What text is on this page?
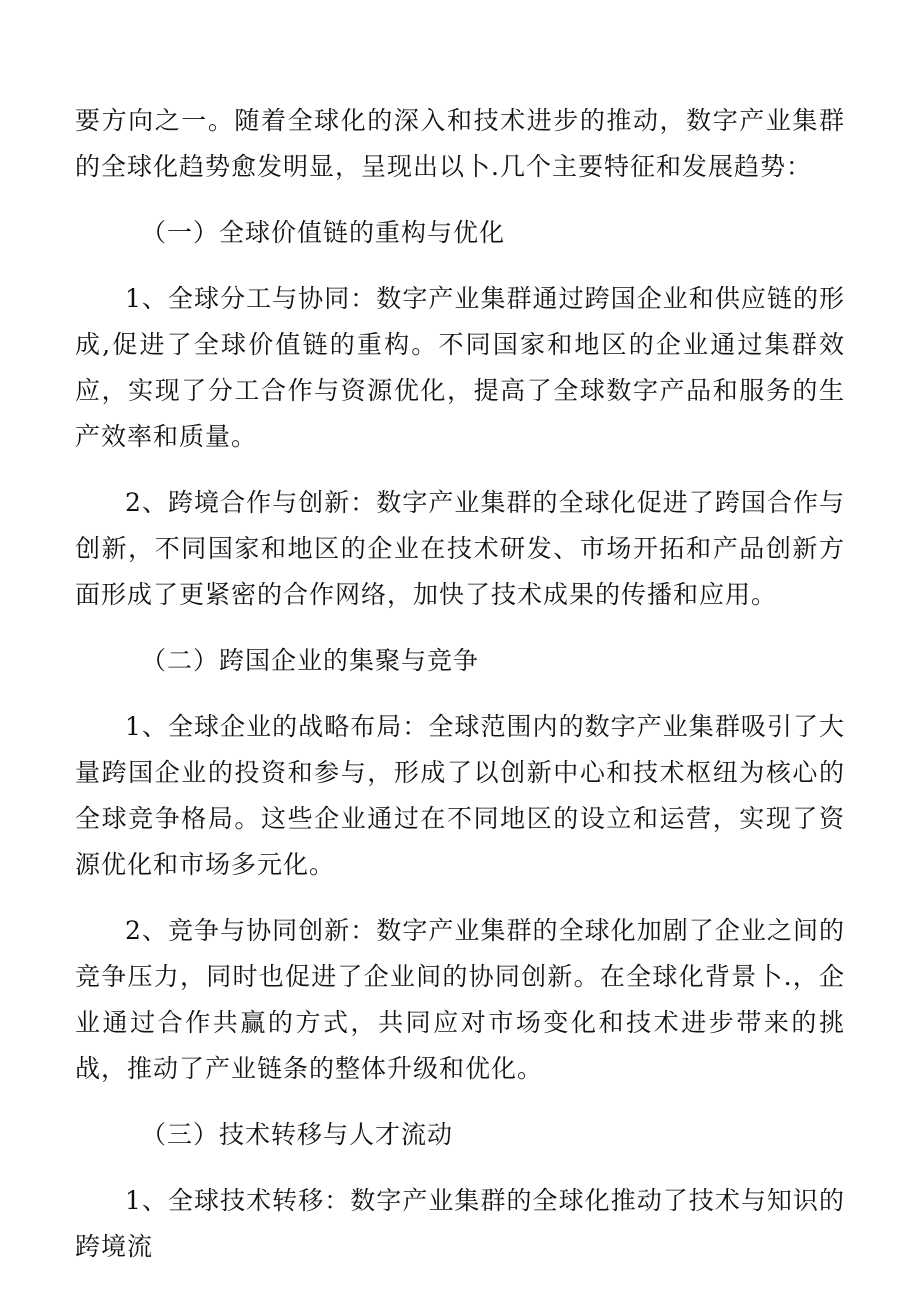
要方向之一。随着全球化的深入和技术进步的推动，数字产业集群的全球化趋势愈发明显，呈现出以卜.几个主要特征和发展趋势：

（一）全球价值链的重构与优化

1、全球分工与协同：数字产业集群通过跨国企业和供应链的形成,促进了全球价值链的重构。不同国家和地区的企业通过集群效应，实现了分工合作与资源优化，提高了全球数字产品和服务的生产效率和质量。

2、跨境合作与创新：数字产业集群的全球化促进了跨国合作与创新，不同国家和地区的企业在技术研发、市场开拓和产品创新方面形成了更紧密的合作网络，加快了技术成果的传播和应用。

（二）跨国企业的集聚与竞争

1、全球企业的战略布局：全球范围内的数字产业集群吸引了大量跨国企业的投资和参与，形成了以创新中心和技术枢纽为核心的全球竞争格局。这些企业通过在不同地区的设立和运营，实现了资源优化和市场多元化。

2、竞争与协同创新：数字产业集群的全球化加剧了企业之间的竞争压力，同时也促进了企业间的协同创新。在全球化背景卜.，企业通过合作共赢的方式，共同应对市场变化和技术进步带来的挑战，推动了产业链条的整体升级和优化。

（三）技术转移与人才流动

1、全球技术转移：数字产业集群的全球化推动了技术与知识的跨境流
